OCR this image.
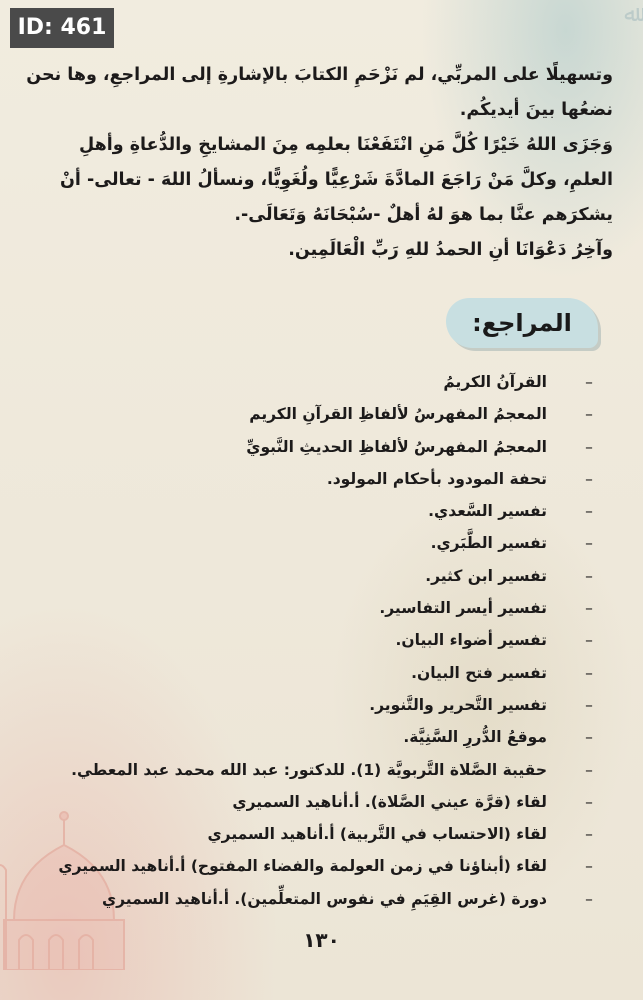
ID: 461
ﷲ

وتسهيلًا على المربِّي، لم نَزْحَمِ الكتابَ بالإشارةِ إلى المراجعِ، وها نحن نضعُها بينَ أيديكُم.

وَجَزَى اللهُ خَيْرًا كُلَّ مَنِ انْتَفَعْنَا بعلمِه مِنَ المشايخِ والدُّعاةِ وأهلِ العلمِ، وكلَّ مَنْ رَاجَعَ المادَّةَ شَرْعِيًّا ولُغَوِيًّا، ونسألُ اللهَ - تعالى- أنْ يشكرَهم عنَّا بما هوَ لهُ أهلٌ -سُبْحَانَهُ وَتَعَالَى-.

وآخِرُ دَعْوَانَا أنِ الحمدُ للهِ رَبِّ الْعَالَمِين.

المراجع:
–
القرآنُ الكريمُ
–
المعجمُ المفهرسُ لألفاظِ القرآنِ الكريم
–
المعجمُ المفهرسُ لألفاظِ الحديثِ النَّبويِّ
–
تحفة المودود بأحكام المولود.
–
تفسير السَّعدي.
–
تفسير الطَّبَري.
–
تفسير ابن كثير.
–
تفسير أيسر التفاسير.
–
تفسير أضواء البيان.
–
تفسير فتح البيان.
–
تفسير التَّحرير والتَّنوير.
–
موقعُ الدُّررِ السَّنِيَّة.
–
حقيبة الصَّلاة التَّربويَّة (1). للدكتور: عبد الله محمد عبد المعطي.
–
لقاء (قرَّة عيني الصَّلاة). أ.أناهيد السميري
–
لقاء (الاحتساب في التَّربية) أ.أناهيد السميري
–
لقاء (أبناؤنا في زمن العولمة والفضاء المفتوح) أ.أناهيد السميري
–
دورة (غرس القِيَمِ في نفوس المتعلِّمين). أ.أناهيد السميري
١٣٠
